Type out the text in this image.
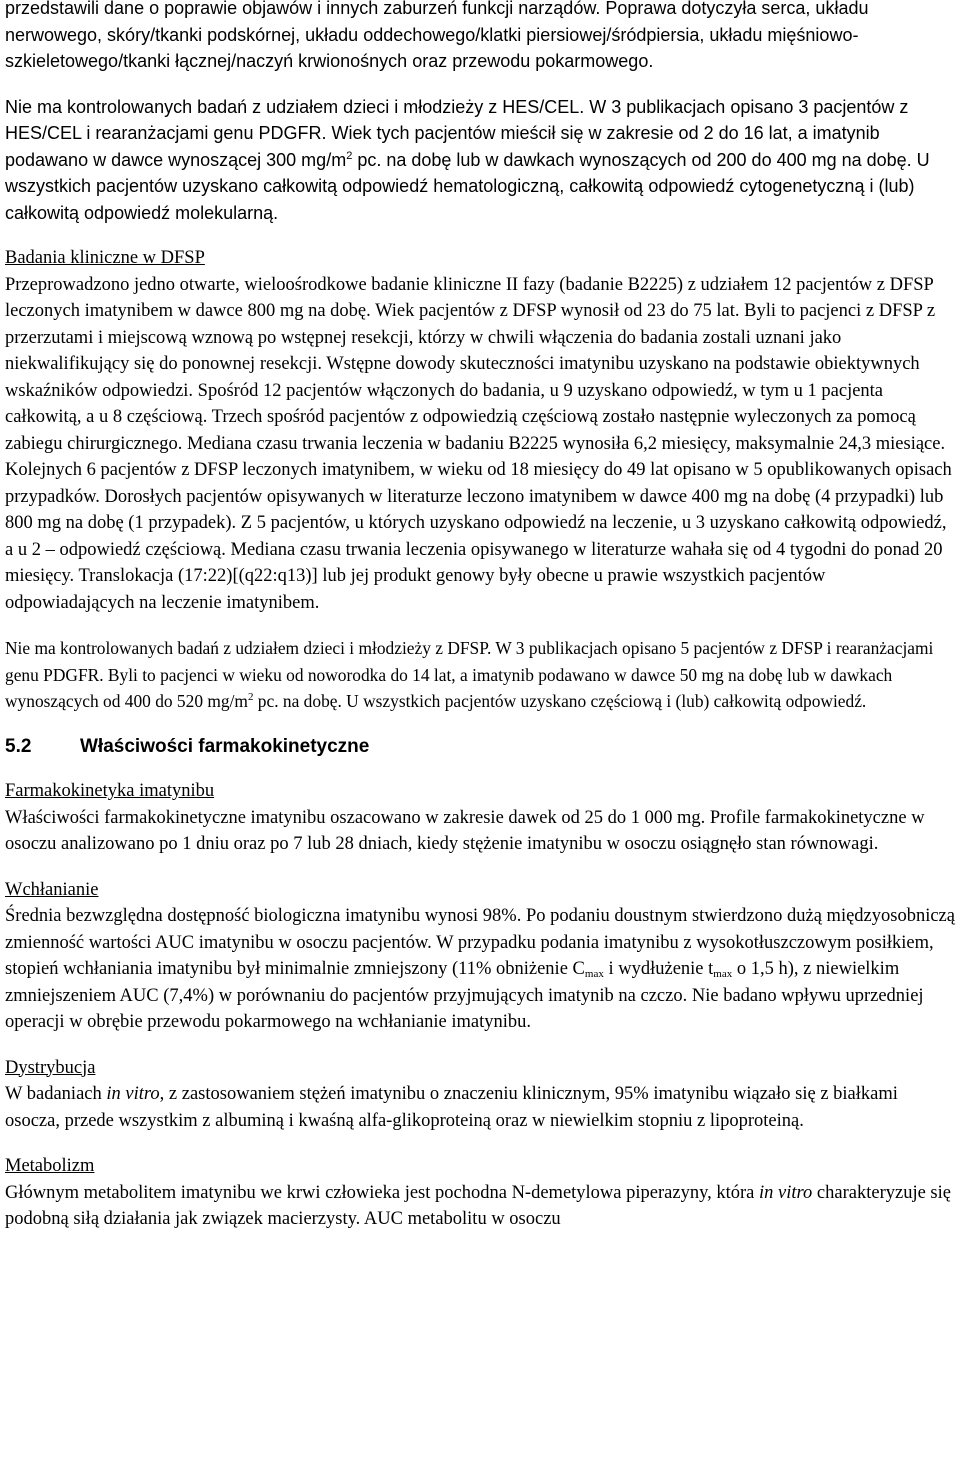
przedstawili dane o poprawie objawów i innych zaburzeń funkcji narządów. Poprawa dotyczyła serca, układu nerwowego, skóry/tkanki podskórnej, układu oddechowego/klatki piersiowej/śródpiersia, układu mięśniowo-szkieletowego/tkanki łącznej/naczyń krwionośnych oraz przewodu pokarmowego.

Nie ma kontrolowanych badań z udziałem dzieci i młodzieży z HES/CEL. W 3 publikacjach opisano 3 pacjentów z HES/CEL i rearanżacjami genu PDGFR. Wiek tych pacjentów mieścił się w zakresie od 2 do 16 lat, a imatynib podawano w dawce wynoszącej 300 $mg/m^2$ pc. na dobę lub w dawkach wynoszących od 200 do 400 mg na dobę. U wszystkich pacjentów uzyskano całkowitą odpowiedź hematologiczną, całkowitą odpowiedź cytogenetyczną i (lub) całkowitą odpowiedź molekularną.

Badania kliniczne w DFSP

Przeprowadzono jedno otwarte, wieloośrodkowe badanie kliniczne II fazy (badanie B2225) z udziałem 12 pacjentów z DFSP leczonych imatynibem w dawce 800 mg na dobę. Wiek pacjentów z DFSP wynosił od 23 do 75 lat. Byli to pacjenci z DFSP z przerzutami i miejscową wznową po wstępnej resekcji, którzy w chwili włączenia do badania zostali uznani jako niekwalifikujący się do ponownej resekcji. Wstępne dowody skuteczności imatynibu uzyskano na podstawie obiektywnych wskaźników odpowiedzi. Spośród 12 pacjentów włączonych do badania, u 9 uzyskano odpowiedź, w tym u 1 pacjenta całkowitą, a u 8 częściową. Trzech spośród pacjentów z odpowiedzią częściową zostało następnie wyleczonych za pomocą zabiegu chirurgicznego. Mediana czasu trwania leczenia w badaniu B2225 wynosiła 6,2 miesięcy, maksymalnie 24,3 miesiące. Kolejnych 6 pacjentów z DFSP leczonych imatynibem, w wieku od 18 miesięcy do 49 lat opisano w 5 opublikowanych opisach przypadków. Dorosłych pacjentów opisywanych w literaturze leczono imatynibem w dawce 400 mg na dobę (4 przypadki) lub 800 mg na dobę (1 przypadek). Z 5 pacjentów, u których uzyskano odpowiedź na leczenie, u 3 uzyskano całkowitą odpowiedź, a u 2 – odpowiedź częściową. Mediana czasu trwania leczenia opisywanego w literaturze wahała się od 4 tygodni do ponad 20 miesięcy. Translokacja (17:22)[(q22:q13)] lub jej produkt genowy były obecne u prawie wszystkich pacjentów odpowiadających na leczenie imatynibem.

Nie ma kontrolowanych badań z udziałem dzieci i młodzieży z DFSP. W 3 publikacjach opisano 5 pacjentów z DFSP i rearanżacjami genu PDGFR. Byli to pacjenci w wieku od noworodka do 14 lat, a imatynib podawano w dawce 50 mg na dobę lub w dawkach wynoszących od 400 do 520 $mg/m^2$ pc. na dobę. U wszystkich pacjentów uzyskano częściową i (lub) całkowitą odpowiedź.

5.2	Właściwości farmakokinetyczne
Farmakokinetyka imatynibu

Właściwości farmakokinetyczne imatynibu oszacowano w zakresie dawek od 25 do 1 000 mg. Profile farmakokinetyczne w osoczu analizowano po 1 dniu oraz po 7 lub 28 dniach, kiedy stężenie imatynibu w osoczu osiągnęło stan równowagi.

Wchłanianie

Średnia bezwzględna dostępność biologiczna imatynibu wynosi 98%. Po podaniu doustnym stwierdzono dużą międzyosobniczą zmienność wartości AUC imatynibu w osoczu pacjentów. W przypadku podania imatynibu z wysokotłuszczowym posiłkiem, stopień wchłaniania imatynibu był minimalnie zmniejszony (11% obniżenie $C_{max}$ i wydłużenie $t_{max}$ o 1,5 h), z niewielkim zmniejszeniem AUC (7,4%) w porównaniu do pacjentów przyjmujących imatynib na czczo. Nie badano wpływu uprzedniej operacji w obrębie przewodu pokarmowego na wchłanianie imatynibu.

Dystrybucja

W badaniach in vitro, z zastosowaniem stężeń imatynibu o znaczeniu klinicznym, 95% imatynibu wiązało się z białkami osocza, przede wszystkim z albuminą i kwaśną alfa-glikoproteiną oraz w niewielkim stopniu z lipoproteiną.

Metabolizm

Głównym metabolitem imatynibu we krwi człowieka jest pochodna N-demetylowa piperazyny, która in vitro charakteryzuje się podobną siłą działania jak związek macierzysty. AUC metabolitu w osoczu
